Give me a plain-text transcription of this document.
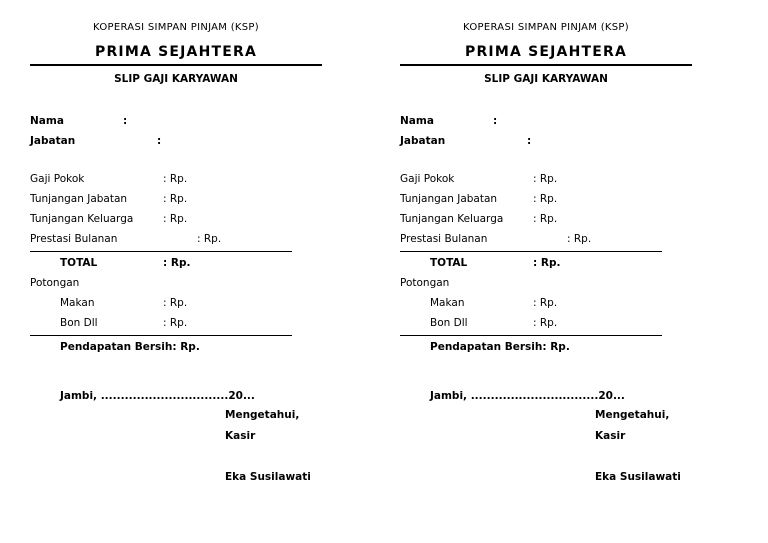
KOPERASI SIMPAN PINJAM (KSP)
PRIMA SEJAHTERA
SLIP GAJI KARYAWAN
Nama	:
Jabatan	:
Gaji Pokok	: Rp.
Tunjangan Jabatan	: Rp.
Tunjangan Keluarga	: Rp.
Prestasi Bulanan	: Rp.
TOTAL	: Rp.
Potongan
Makan	: Rp.
Bon Dll	: Rp.
Pendapatan Bersih: Rp.
Jambi, ................................20...
Mengetahui,
Kasir
Eka Susilawati
KOPERASI SIMPAN PINJAM (KSP)
PRIMA SEJAHTERA
SLIP GAJI KARYAWAN
Nama	:
Jabatan	:
Gaji Pokok	: Rp.
Tunjangan Jabatan	: Rp.
Tunjangan Keluarga	: Rp.
Prestasi Bulanan	: Rp.
TOTAL	: Rp.
Potongan
Makan	: Rp.
Bon Dll	: Rp.
Pendapatan Bersih: Rp.
Jambi, ................................20...
Mengetahui,
Kasir
Eka Susilawati
